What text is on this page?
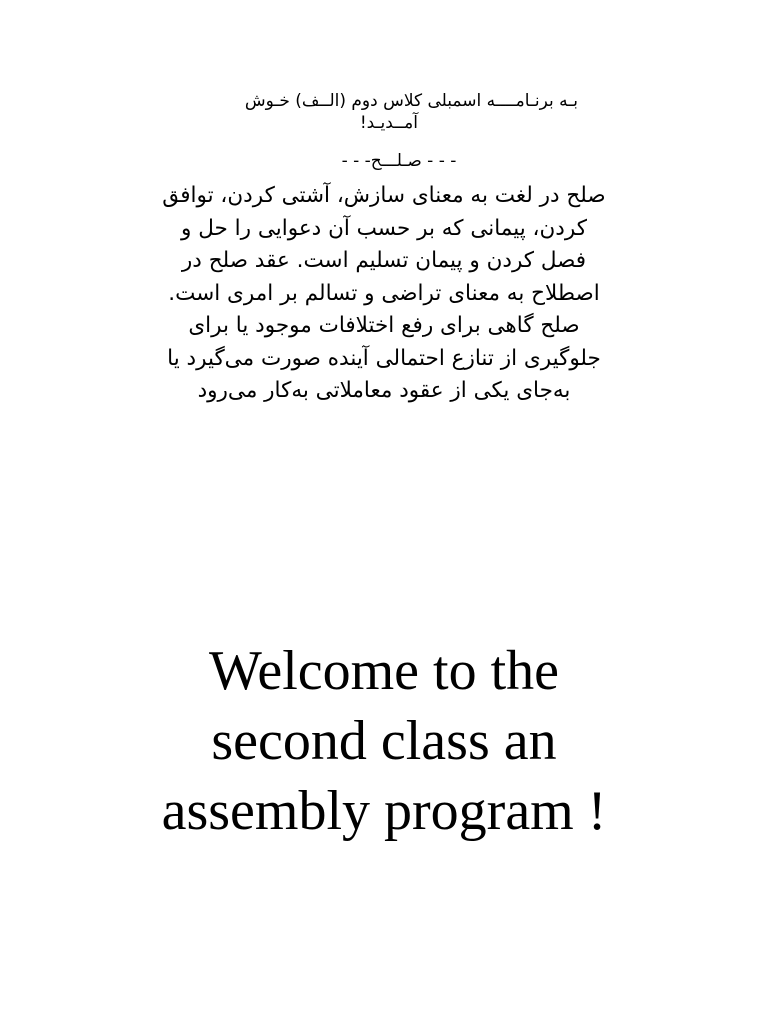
بـه برنـامــــه اسمبلی کلاس دوم (الــف) خـوش
آمــدیـد!
- - - صـلـــح- - -
صلح در لغت به معنای سازش، آشتی کردن، توافق
کردن، پیمانی که بر حسب آن دعوایی را حل و
فصل کردن و پیمان تسلیم است. عقد صلح در
اصطلاح به معنای تراضی و تسالم بر امری است.
صلح گاهی برای رفع اختلافات موجود یا برای
جلوگیری از تنازع احتمالی آینده صورت می‌گیرد یا
به‌جای یکی از عقود معاملاتی به‌کار می‌رود
Welcome to the
second class an
assembly program !
